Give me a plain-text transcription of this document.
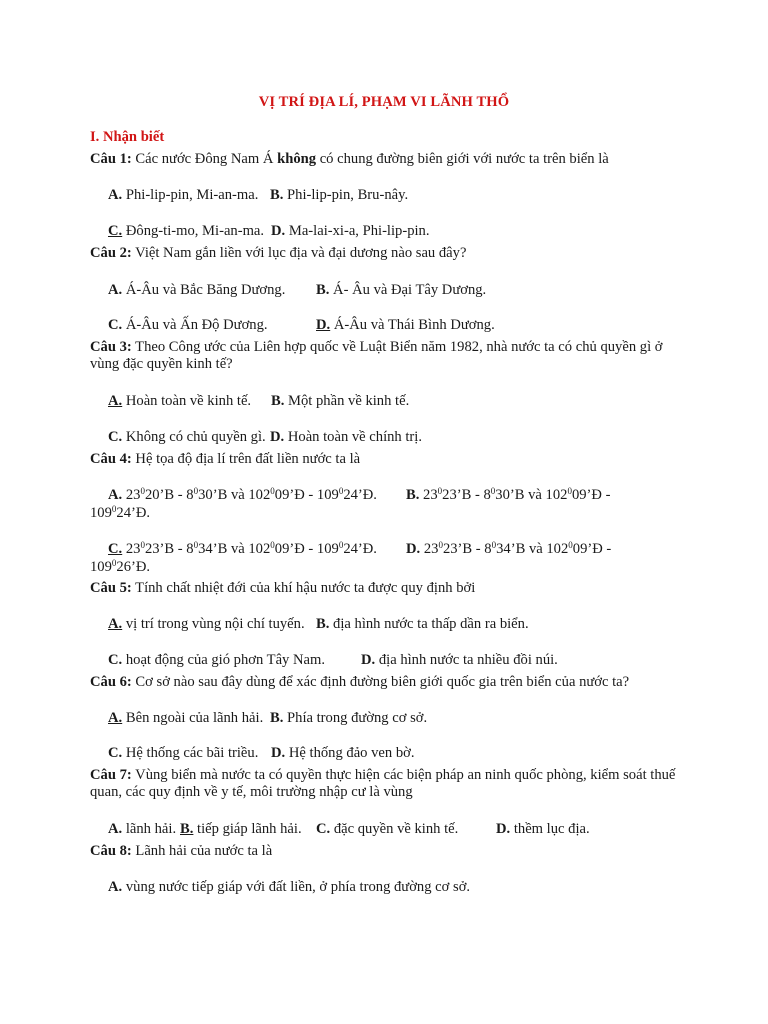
VỊ TRÍ ĐỊA LÍ, PHẠM VI LÃNH THỔ
I. Nhận biết
Câu 1: Các nước Đông Nam Á không có chung đường biên giới với nước ta trên biển là
A. Phi-lip-pin, Mi-an-ma. B. Phi-lip-pin, Bru-nây.
C. Đông-ti-mo, Mi-an-ma. D. Ma-lai-xi-a, Phi-lip-pin.
Câu 2: Việt Nam gắn liền với lục địa và đại dương nào sau đây?
A. Á-Âu và Bắc Băng Dương. B. Á- Âu và Đại Tây Dương.
C. Á-Âu và Ấn Độ Dương.	D. Á-Âu và Thái Bình Dương.
Câu 3: Theo Công ước của Liên hợp quốc về Luật Biển năm 1982, nhà nước ta có chủ quyền gì ở vùng đặc quyền kinh tế?
A. Hoàn toàn về kinh tế. B. Một phần về kinh tế.
C. Không có chủ quyền gì. D. Hoàn toàn về chính trị.
Câu 4: Hệ tọa độ địa lí trên đất liền nước ta là
A. $23^020’B$ - $8^030’B$ và $102^009’Đ$ - $109^024’Đ$. B. $23^023’B$ - $8^030’B$ và $102^009’Đ$ -
$109^024’Đ$.
C. $23^023’B$ - $8^034’B$ và $102^009’Đ$ - $109^024’Đ$. D. $23^023’B$ - $8^034’B$ và $102^009’Đ$ -
$109^026’Đ$.
Câu 5: Tính chất nhiệt đới của khí hậu nước ta được quy định bởi
A. vị trí trong vùng nội chí tuyến. B. địa hình nước ta thấp dần ra biển.
C. hoạt động của gió phơn Tây Nam. D. địa hình nước ta nhiều đồi núi.
Câu 6: Cơ sở nào sau đây dùng để xác định đường biên giới quốc gia trên biển của nước ta?
A. Bên ngoài của lãnh hải. B. Phía trong đường cơ sở.
C. Hệ thống các bãi triều. D. Hệ thống đảo ven bờ.
Câu 7: Vùng biển mà nước ta có quyền thực hiện các biện pháp an ninh quốc phòng, kiểm soát thuế quan, các quy định về y tế, môi trường nhập cư là vùng
A. lãnh hải. B. tiếp giáp lãnh hải. C. đặc quyền về kinh tế.	D. thềm lục địa.
Câu 8: Lãnh hải của nước ta là
A. vùng nước tiếp giáp với đất liền, ở phía trong đường cơ sở.
